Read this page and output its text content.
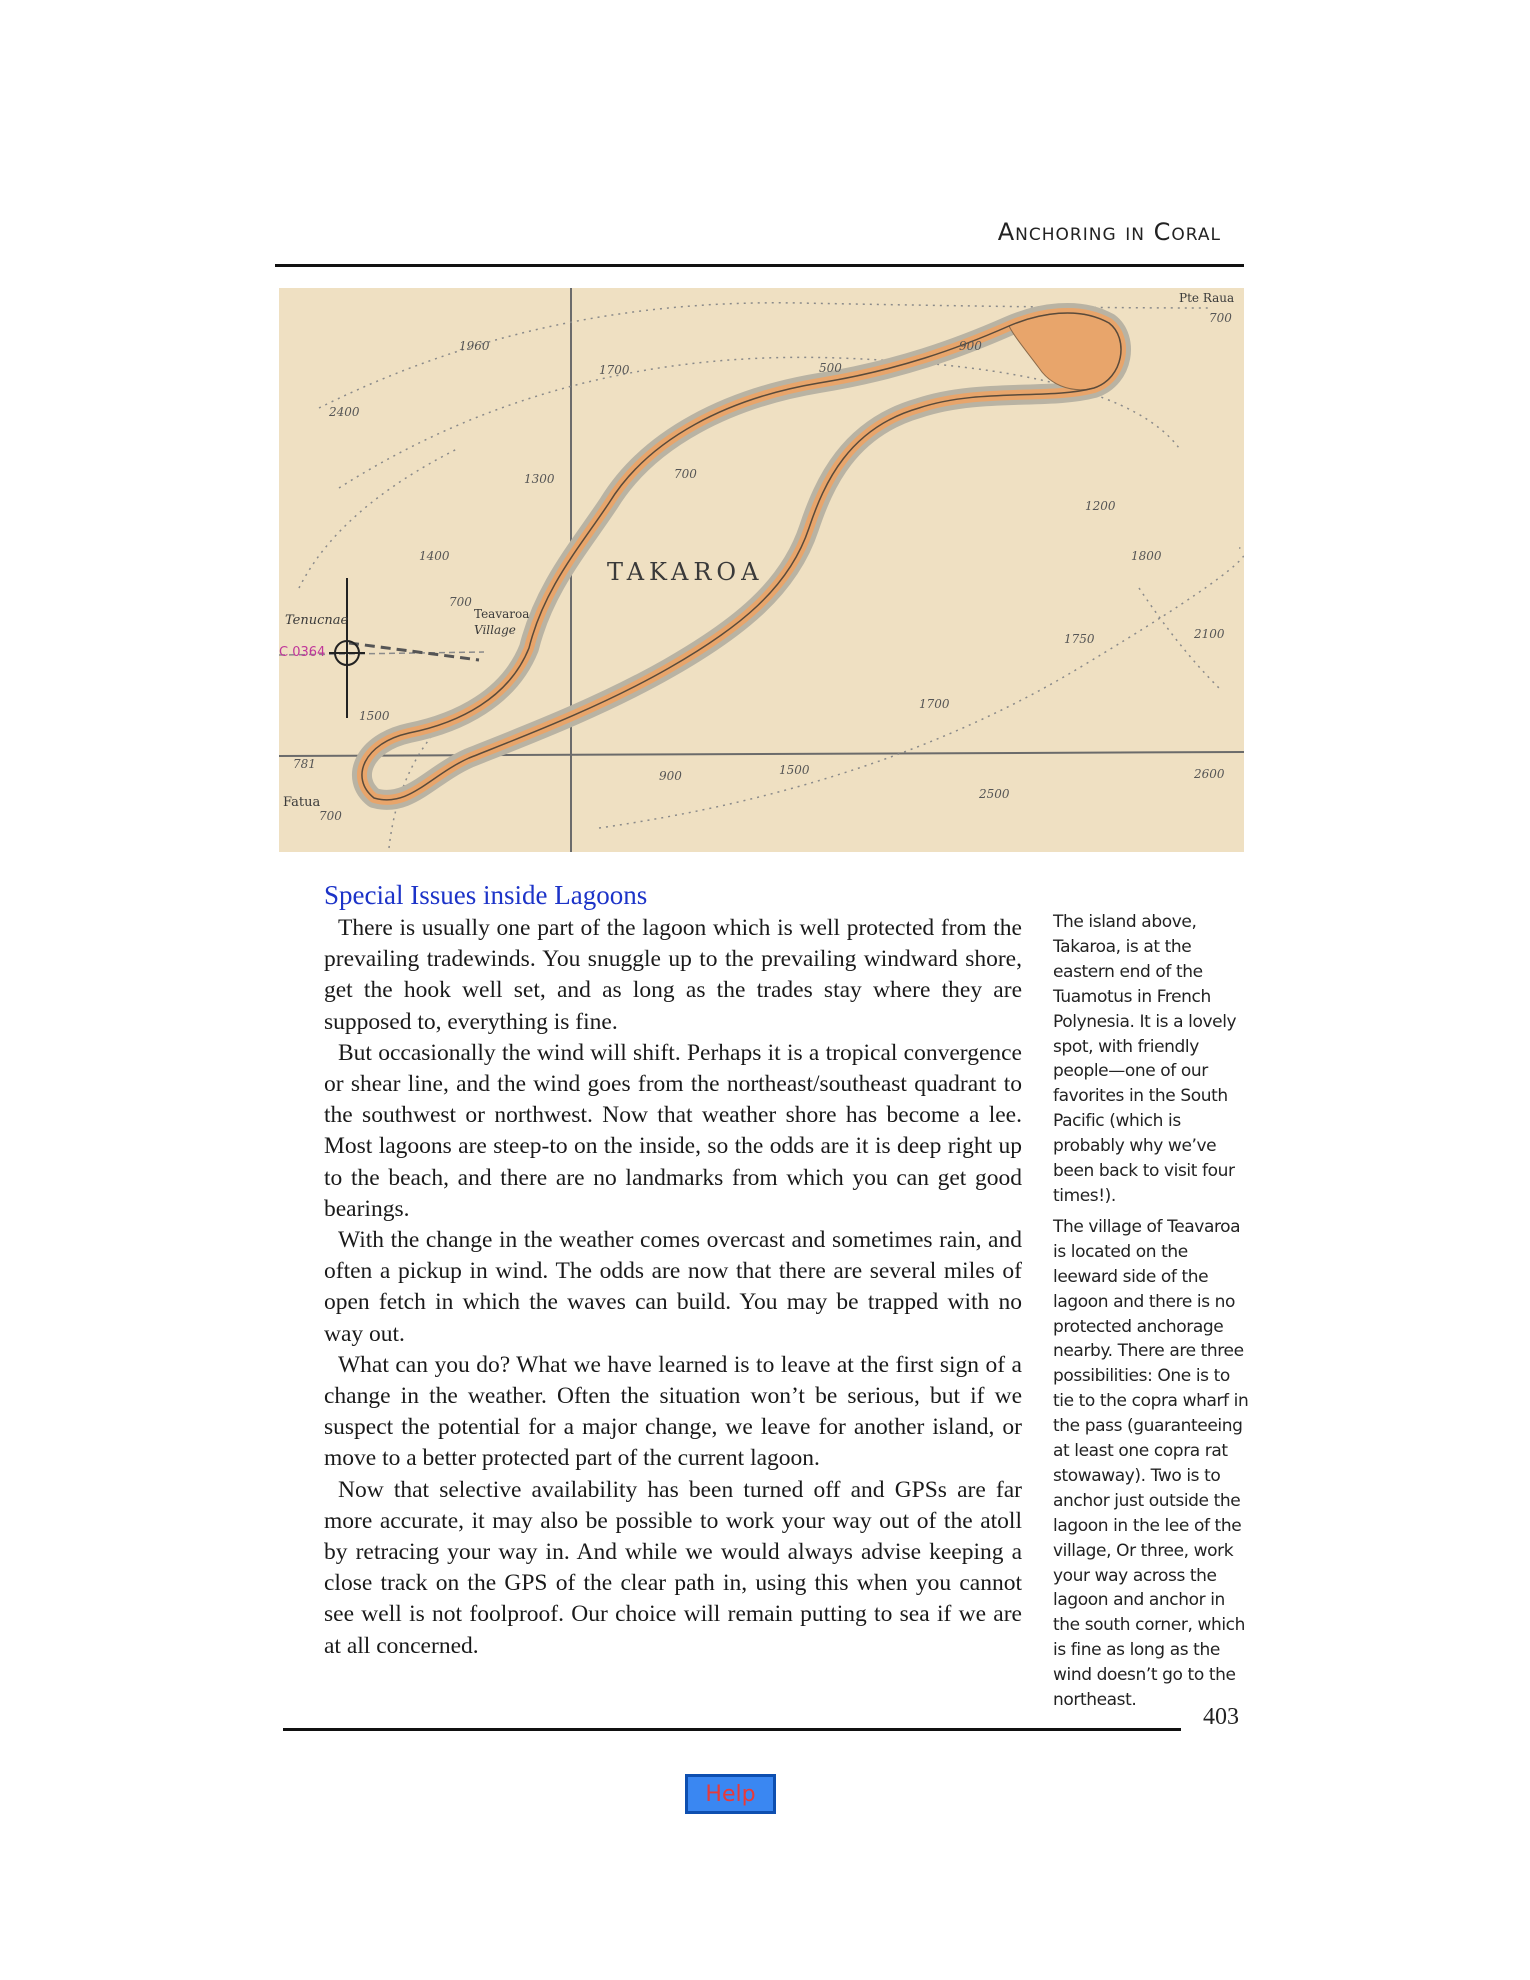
Anchoring in Coral
TAKAROA
Teavaroa
Village
Tenucnae
Fatua
Pte Raua
C 0364
1960
1700	500
900
700
2400
1300	700
1200
1800
1400
700
2100
1750
1500
1700
900	1500
2500
2600
700
781
Special Issues inside Lagoons

There is usually one part of the lagoon which is well protected from the prevailing tradewinds. You snuggle up to the prevailing windward shore, get the hook well set, and as long as the trades stay where they are supposed to, everything is fine.

But occasionally the wind will shift. Perhaps it is a tropical convergence or shear line, and the wind goes from the northeast/southeast quadrant to the southwest or northwest. Now that weather shore has become a lee. Most lagoons are steep-to on the inside, so the odds are it is deep right up to the beach, and there are no landmarks from which you can get good bearings.

With the change in the weather comes overcast and sometimes rain, and often a pickup in wind. The odds are now that there are several miles of open fetch in which the waves can build. You may be trapped with no way out.

What can you do? What we have learned is to leave at the first sign of a change in the weather. Often the situation won’t be serious, but if we suspect the potential for a major change, we leave for another island, or move to a better protected part of the current lagoon.

Now that selective availability has been turned off and GPSs are far more accurate, it may also be possible to work your way out of the atoll by retracing your way in. And while we would always advise keeping a close track on the GPS of the clear path in, using this when you cannot see well is not foolproof. Our choice will remain putting to sea if we are at all concerned.

The island above, Takaroa, is at the eastern end of the Tuamotus in French Polynesia. It is a lovely spot, with friendly people—one of our favorites in the South Pacific (which is probably why we’ve been back to visit four times!).

The village of Teavaroa is located on the leeward side of the lagoon and there is no protected anchorage nearby. There are three possibilities: One is to tie to the copra wharf in the pass (guaranteeing at least one copra rat stowaway). Two is to anchor just outside the lagoon in the lee of the village, Or three, work your way across the lagoon and anchor in the south corner, which is fine as long as the wind doesn’t go to the northeast.

403
Help
